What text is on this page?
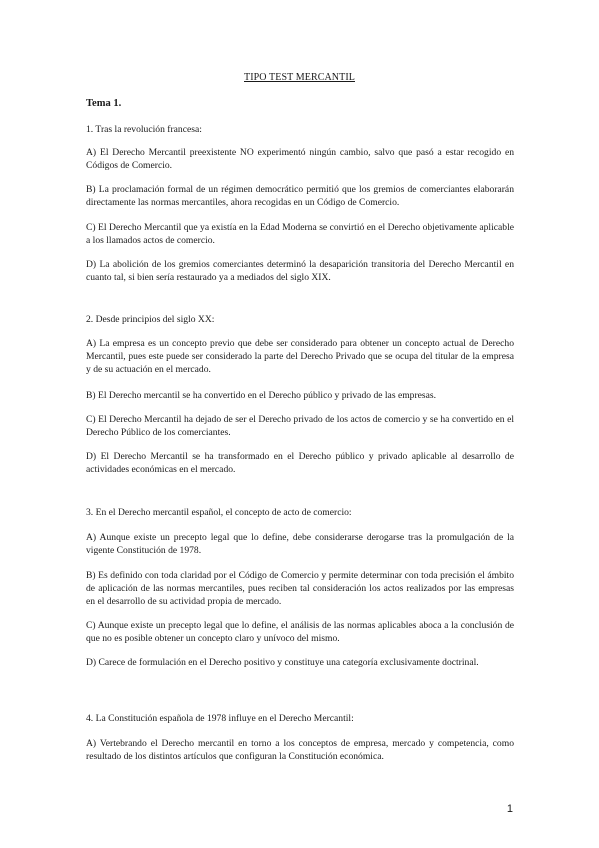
TIPO TEST MERCANTIL
Tema 1.
1. Tras la revolución francesa:
A) El Derecho Mercantil preexistente NO experimentó ningún cambio, salvo que pasó a estar recogido en Códigos de Comercio.
B) La proclamación formal de un régimen democrático permitió que los gremios de comerciantes elaborarán directamente las normas mercantiles, ahora recogidas en un Código de Comercio.
C) El Derecho Mercantil que ya existía en la Edad Moderna se convirtió en el Derecho objetivamente aplicable a los llamados actos de comercio.
D) La abolición de los gremios comerciantes determinó la desaparición transitoria del Derecho Mercantil en cuanto tal, si bien sería restaurado ya a mediados del siglo XIX.
2. Desde principios del siglo XX:
A) La empresa es un concepto previo que debe ser considerado para obtener un concepto actual de Derecho Mercantil, pues este puede ser considerado la parte del Derecho Privado que se ocupa del titular de la empresa y de su actuación en el mercado.
B) El Derecho mercantil se ha convertido en el Derecho público y privado de las empresas.
C) El Derecho Mercantil ha dejado de ser el Derecho privado de los actos de comercio y se ha convertido en el Derecho Público de los comerciantes.
D) El Derecho Mercantil se ha transformado en el Derecho público y privado aplicable al desarrollo de actividades económicas en el mercado.
3. En el Derecho mercantil español, el concepto de acto de comercio:
A) Aunque existe un precepto legal que lo define, debe considerarse derogarse tras la promulgación de la vigente Constitución de 1978.
B) Es definido con toda claridad por el Código de Comercio y permite determinar con toda precisión el ámbito de aplicación de las normas mercantiles, pues reciben tal consideración los actos realizados por las empresas en el desarrollo de su actividad propia de mercado.
C) Aunque existe un precepto legal que lo define, el análisis de las normas aplicables aboca a la conclusión de que no es posible obtener un concepto claro y unívoco del mismo.
D) Carece de formulación en el Derecho positivo y constituye una categoría exclusivamente doctrinal.
4. La Constitución española de 1978 influye en el Derecho Mercantil:
A) Vertebrando el Derecho mercantil en torno a los conceptos de empresa, mercado y competencia, como resultado de los distintos artículos que configuran la Constitución económica.
1
